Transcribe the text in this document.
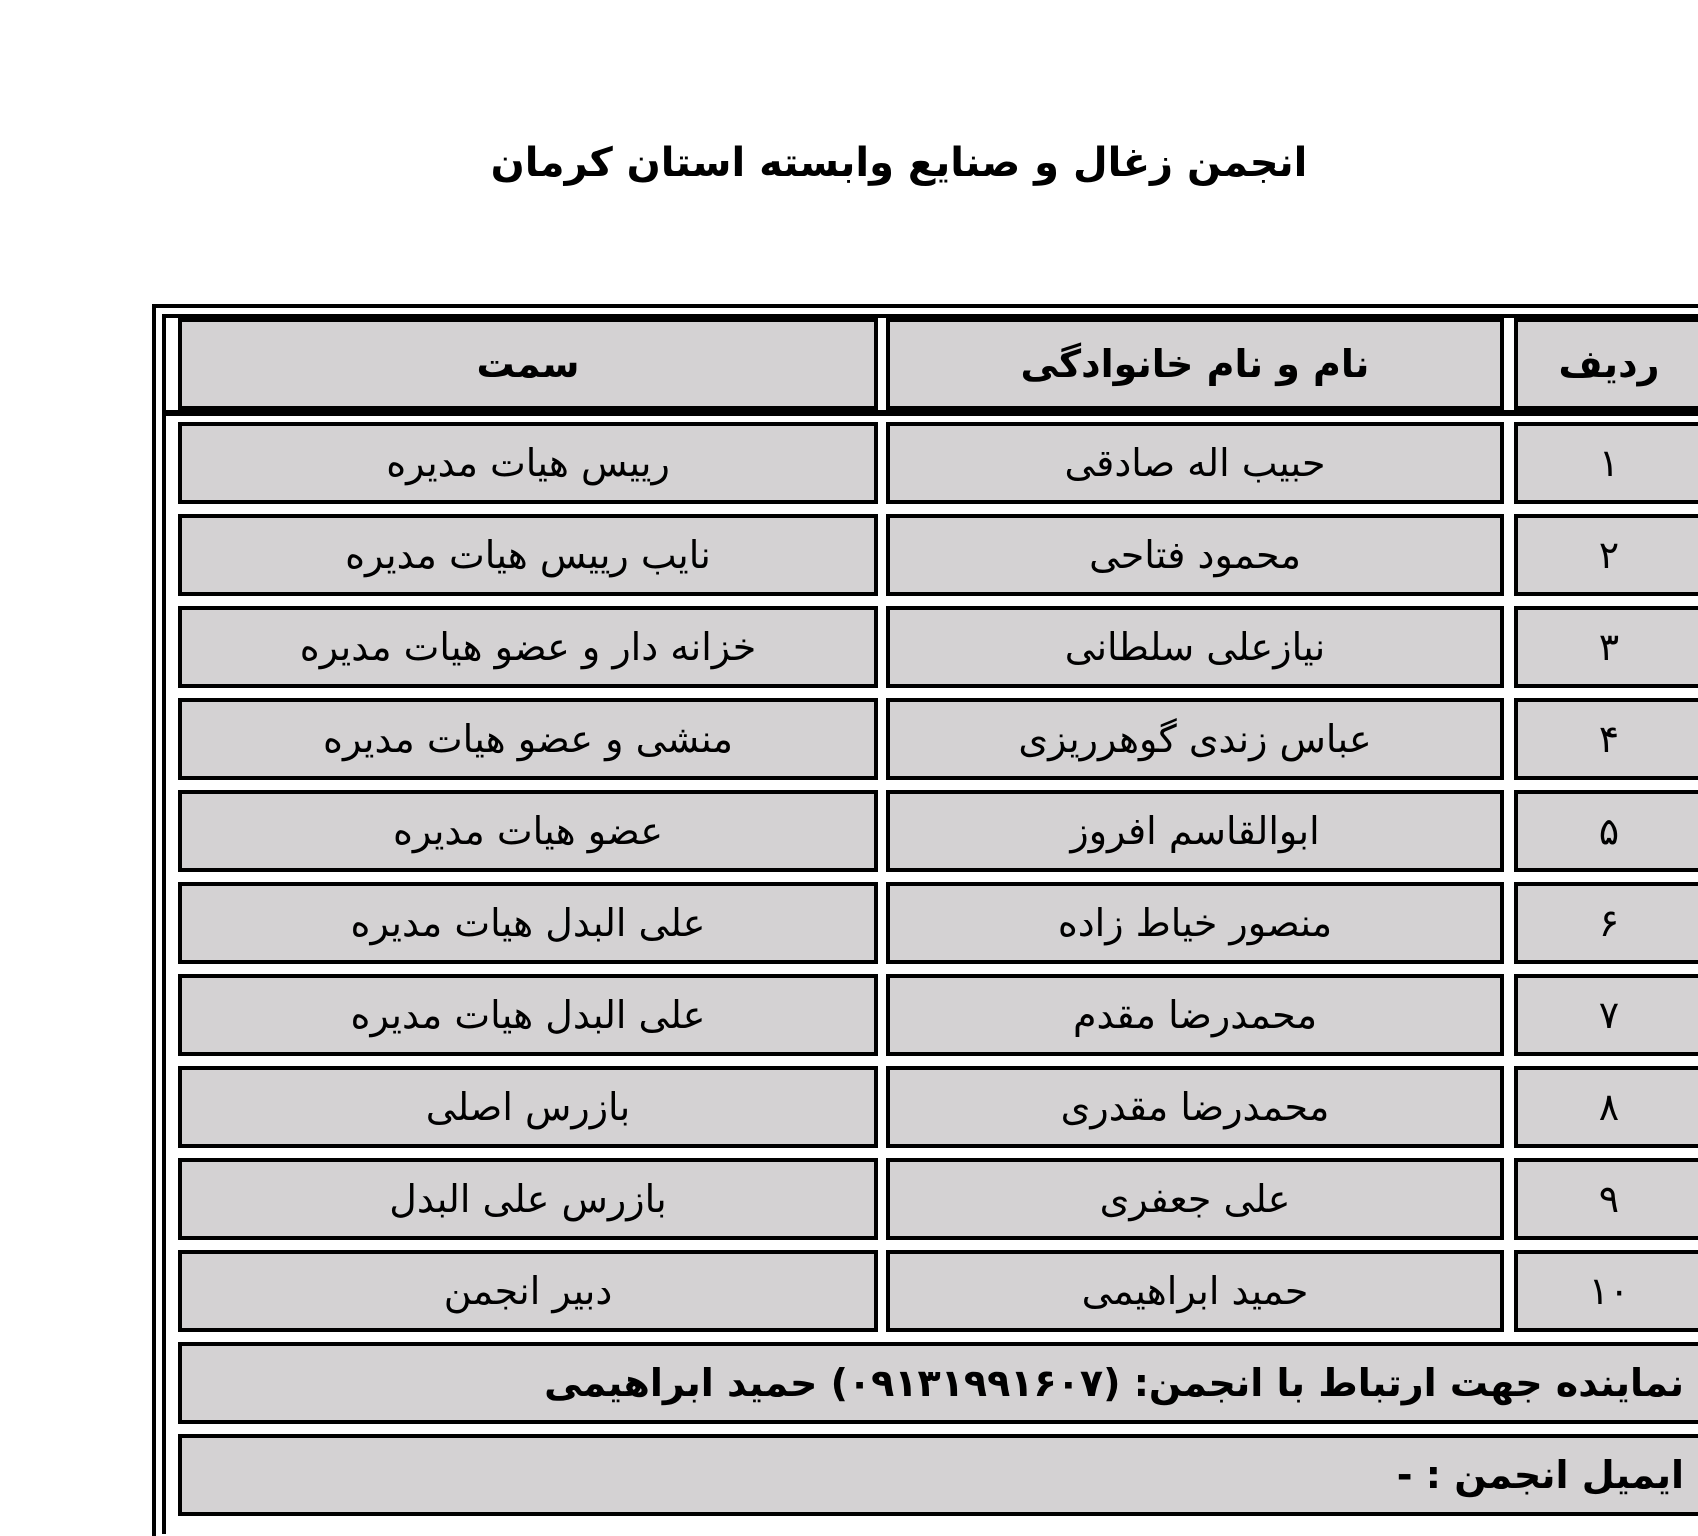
انجمن زغال و صنایع وابسته استان کرمان
ردیف
نام و نام خانوادگی
سمت
۱
حبیب اله صادقی
رییس هیات مدیره
۲
محمود فتاحی
نایب رییس هیات مدیره
۳
نیازعلی سلطانی
خزانه دار و عضو هیات مدیره
۴
عباس زندی گوهرریزی
منشی و عضو هیات مدیره
۵
ابوالقاسم افروز
عضو هیات مدیره
۶
منصور خیاط زاده
علی البدل هیات مدیره
۷
محمدرضا مقدم
علی البدل هیات مدیره
۸
محمدرضا مقدری
بازرس اصلی
۹
علی جعفری
بازرس علی البدل
۱۰
حمید ابراهیمی
دبیر انجمن
نماینده جهت ارتباط با انجمن: (۰۹۱۳۱۹۹۱۶۰۷) حمید ابراهیمی
ایمیل انجمن : -
